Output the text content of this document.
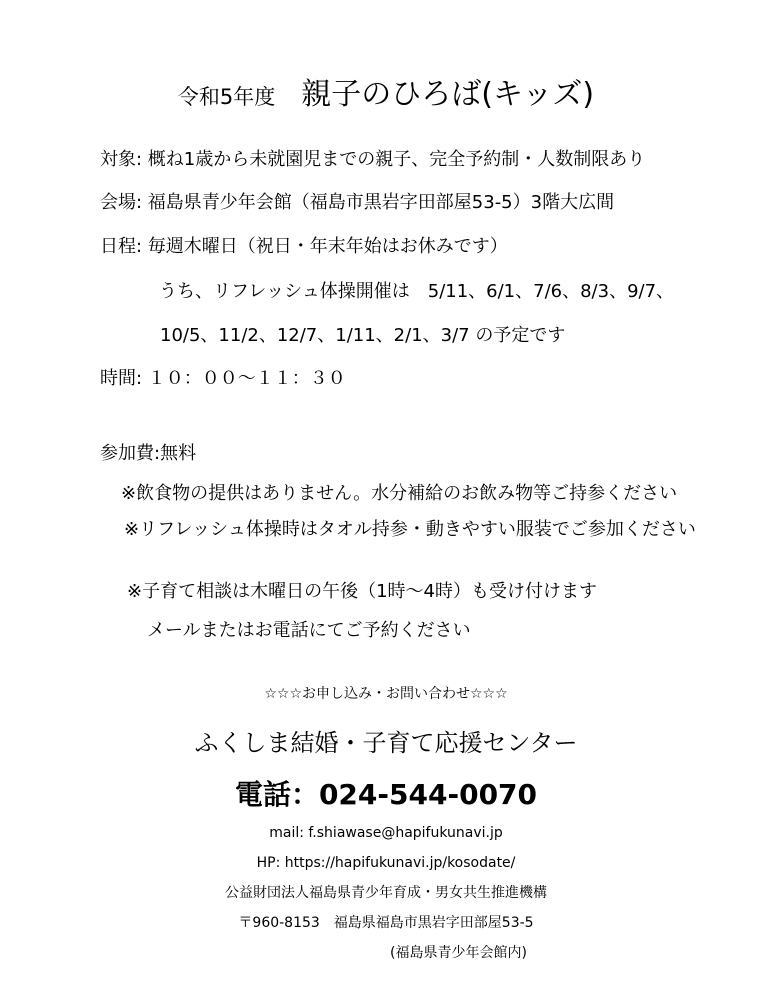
令和5年度 親子のひろば(キッズ)
対象: 概ね1歳から未就園児までの親子、完全予約制・人数制限あり
会場: 福島県青少年会館（福島市黒岩字田部屋53-5）3階大広間
日程: 毎週木曜日（祝日・年末年始はお休みです）
うち、リフレッシュ体操開催は　5/11、6/1、7/6、8/3、9/7、
10/5、11/2、12/7、1/11、2/1、3/7 の予定です
時間: １０：００～１１：３０
参加費:無料
※飲食物の提供はありません。水分補給のお飲み物等ご持参ください
※リフレッシュ体操時はタオル持参・動きやすい服装でご参加ください
※子育て相談は木曜日の午後（1時～4時）も受け付けます
メールまたはお電話にてご予約ください
☆☆☆お申し込み・お問い合わせ☆☆☆
ふくしま結婚・子育て応援センター
電話：024-544-0070
mail: f.shiawase@hapifukunavi.jp
HP: https://hapifukunavi.jp/kosodate/
公益財団法人福島県青少年育成・男女共生推進機構
〒960-8153　福島県福島市黒岩字田部屋53-5
(福島県青少年会館内)
